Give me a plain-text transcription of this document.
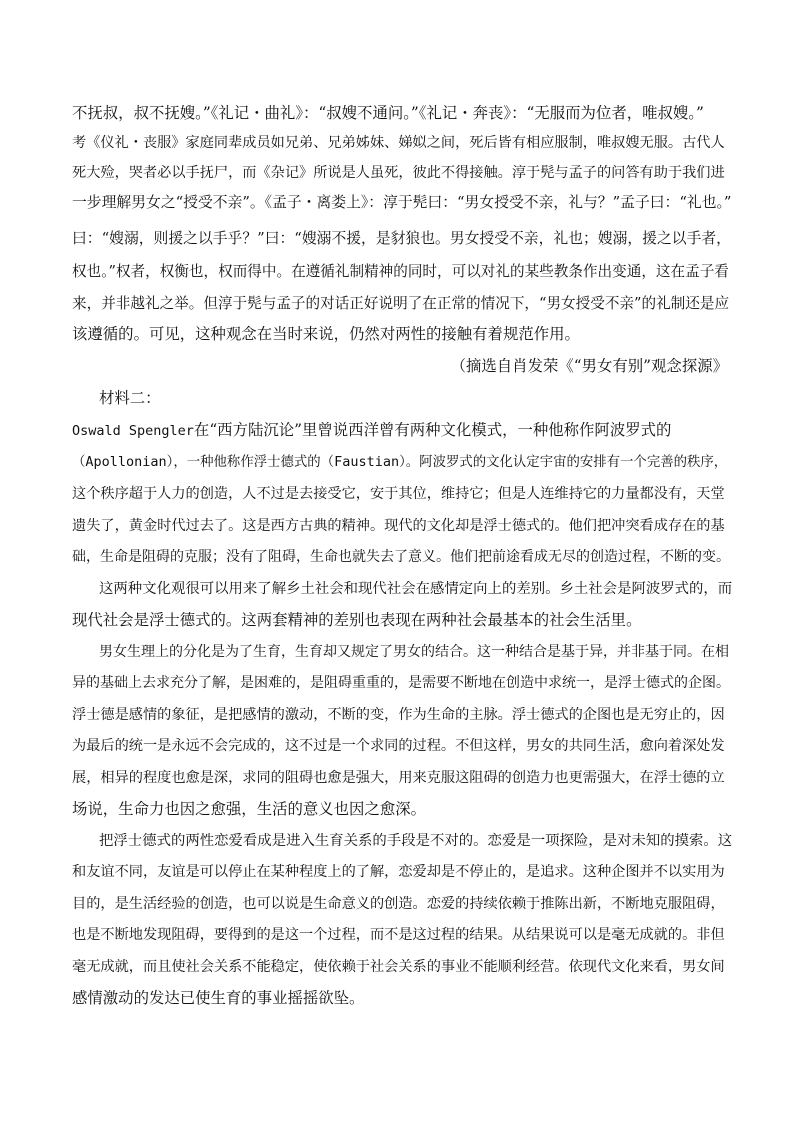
不抚叔，叔不抚嫂。”《礼记・曲礼》：“叔嫂不通问。”《礼记・奔丧》：“无服而为位者，唯叔嫂。”
考《仪礼・丧服》家庭同辈成员如兄弟、兄弟姊妹、娣姒之间，死后皆有相应服制，唯叔嫂无服。古代人
死大殓，哭者必以手抚尸，而《杂记》所说是人虽死，彼此不得接触。淳于髡与孟子的问答有助于我们进
一步理解男女之“授受不亲”。《孟子・离娄上》：淳于髡曰：“男女授受不亲，礼与？”孟子曰：“礼也。”
曰：“嫂溺，则援之以手乎？”曰：“嫂溺不援，是豺狼也。男女授受不亲，礼也；嫂溺，援之以手者，
权也。”权者，权衡也，权而得中。在遵循礼制精神的同时，可以对礼的某些教条作出变通，这在孟子看
来，并非越礼之举。但淳于髡与孟子的对话正好说明了在正常的情况下，“男女授受不亲”的礼制还是应
该遵循的。可见，这种观念在当时来说，仍然对两性的接触有着规范作用。
（摘选自肖发荣《“男女有别”观念探源》
材料二：
Oswald Spengler在“西方陆沉论”里曾说西洋曾有两种文化模式，一种他称作阿波罗式的
（Apollonian），一种他称作浮士德式的（Faustian）。阿波罗式的文化认定宇宙的安排有一个完善的秩序，
这个秩序超于人力的创造，人不过是去接受它，安于其位，维持它；但是人连维持它的力量都没有，天堂
遗失了，黄金时代过去了。这是西方古典的精神。现代的文化却是浮士德式的。他们把冲突看成存在的基
础，生命是阻碍的克服；没有了阻碍，生命也就失去了意义。他们把前途看成无尽的创造过程，不断的变。
这两种文化观很可以用来了解乡土社会和现代社会在感情定向上的差别。乡土社会是阿波罗式的，而
现代社会是浮士德式的。这两套精神的差别也表现在两种社会最基本的社会生活里。
男女生理上的分化是为了生育，生育却又规定了男女的结合。这一种结合是基于异，并非基于同。在相
异的基础上去求充分了解，是困难的，是阻碍重重的，是需要不断地在创造中求统一，是浮士德式的企图。
浮士德是感情的象征，是把感情的激动，不断的变，作为生命的主脉。浮士德式的企图也是无穷止的，因
为最后的统一是永远不会完成的，这不过是一个求同的过程。不但这样，男女的共同生活，愈向着深处发
展，相异的程度也愈是深，求同的阻碍也愈是强大，用来克服这阻碍的创造力也更需强大，在浮士德的立
场说，生命力也因之愈强，生活的意义也因之愈深。
把浮士德式的两性恋爱看成是进入生育关系的手段是不对的。恋爱是一项探险，是对未知的摸索。这
和友谊不同，友谊是可以停止在某种程度上的了解，恋爱却是不停止的，是追求。这种企图并不以实用为
目的，是生活经验的创造，也可以说是生命意义的创造。恋爱的持续依赖于推陈出新，不断地克服阻碍，
也是不断地发现阻碍，要得到的是这一个过程，而不是这过程的结果。从结果说可以是毫无成就的。非但
毫无成就，而且使社会关系不能稳定，使依赖于社会关系的事业不能顺利经营。依现代文化来看，男女间
感情激动的发达已使生育的事业摇摇欲坠。
